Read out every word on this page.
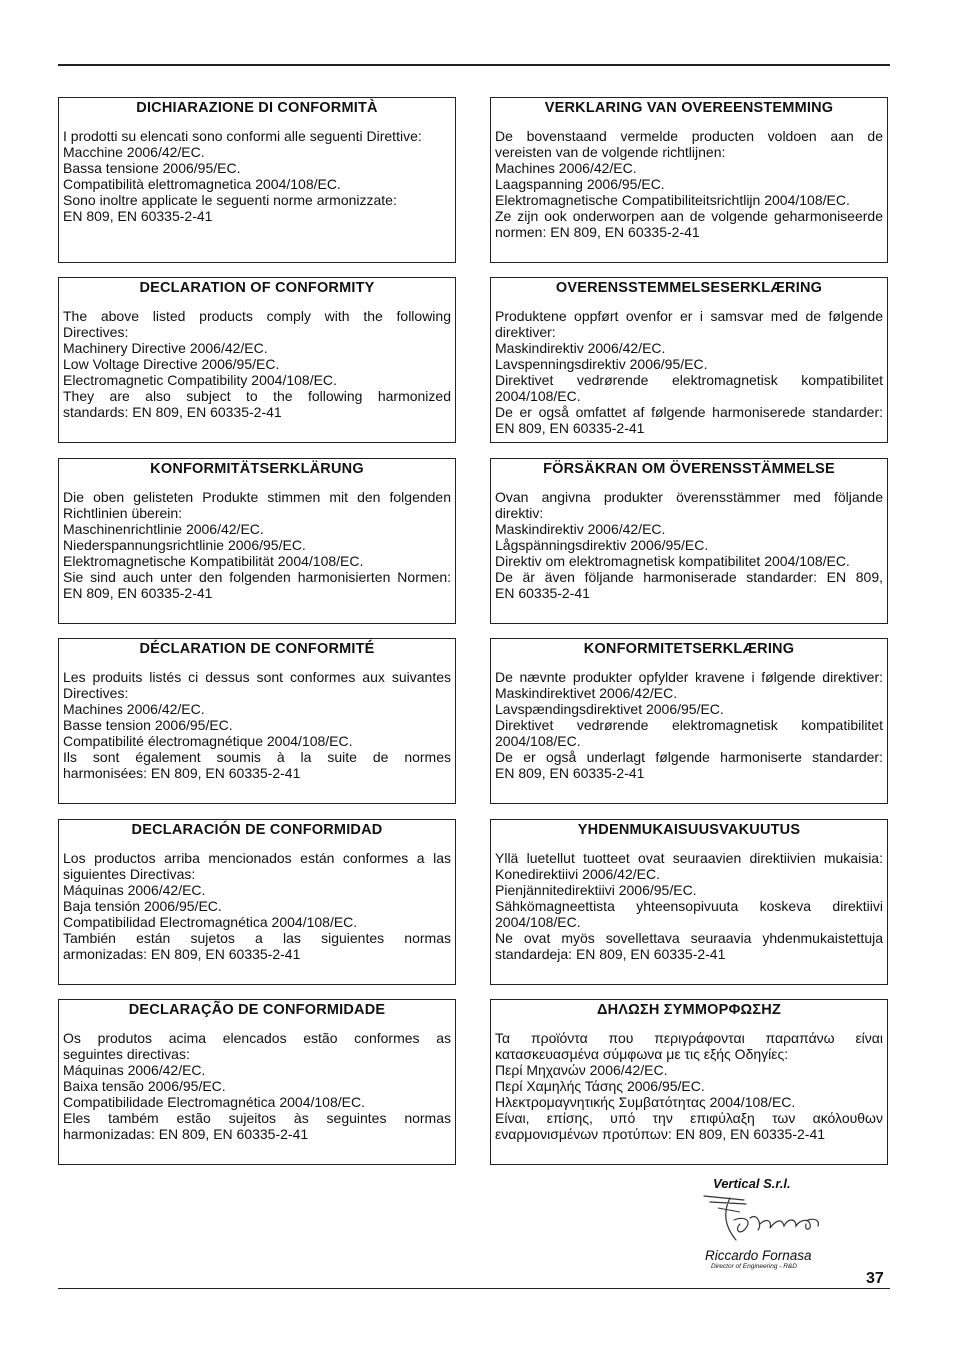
DICHIARAZIONE DI CONFORMITÀ
I prodotti su elencati sono conformi alle seguenti Direttive:
Macchine 2006/42/EC.
Bassa tensione 2006/95/EC.
Compatibilità elettromagnetica 2004/108/EC.
Sono inoltre applicate le seguenti norme armonizzate:
EN 809, EN 60335-2-41
VERKLARING VAN OVEREENSTEMMING
De bovenstaand vermelde producten voldoen aan de
vereisten van de volgende richtlijnen:
Machines 2006/42/EC.
Laagspanning 2006/95/EC.
Elektromagnetische Compatibiliteitsrichtlijn 2004/108/EC.
Ze zijn ook onderworpen aan de volgende geharmoniseerde
normen: EN 809, EN 60335-2-41
DECLARATION OF CONFORMITY
The above listed products comply with the following
Directives:
Machinery Directive 2006/42/EC.
Low Voltage Directive 2006/95/EC.
Electromagnetic Compatibility 2004/108/EC.
They are also subject to the following harmonized
standards: EN 809, EN 60335-2-41
OVERENSSTEMMELSESERKLÆRING
Produktene oppført ovenfor er i samsvar med de følgende
direktiver:
Maskindirektiv 2006/42/EC.
Lavspenningsdirektiv 2006/95/EC.
Direktivet vedrørende elektromagnetisk kompatibilitet
2004/108/EC.
De er også omfattet af følgende harmoniserede standarder:
EN 809, EN 60335-2-41
KONFORMITÄTSERKLÄRUNG
Die oben gelisteten Produkte stimmen mit den folgenden
Richtlinien überein:
Maschinenrichtlinie 2006/42/EC.
Niederspannungsrichtlinie 2006/95/EC.
Elektromagnetische Kompatibilität 2004/108/EC.
Sie sind auch unter den folgenden harmonisierten Normen:
EN 809, EN 60335-2-41
FÖRSÄKRAN OM ÖVERENSSTÄMMELSE
Ovan angivna produkter överensstämmer med följande
direktiv:
Maskindirektiv 2006/42/EC.
Lågspänningsdirektiv 2006/95/EC.
Direktiv om elektromagnetisk kompatibilitet 2004/108/EC.
De är även följande harmoniserade standarder: EN 809,
EN 60335-2-41
DÉCLARATION DE CONFORMITÉ
Les produits listés ci dessus sont conformes aux suivantes
Directives:
Machines 2006/42/EC.
Basse tension 2006/95/EC.
Compatibilité électromagnétique 2004/108/EC.
Ils sont également soumis à la suite de normes
harmonisées: EN 809, EN 60335-2-41
KONFORMITETSERKLÆRING
De nævnte produkter opfylder kravene i følgende direktiver:
Maskindirektivet 2006/42/EC.
Lavspændingsdirektivet 2006/95/EC.
Direktivet vedrørende elektromagnetisk kompatibilitet
2004/108/EC.
De er også underlagt følgende harmoniserte standarder:
EN 809, EN 60335-2-41
DECLARACIÓN DE CONFORMIDAD
Los productos arriba mencionados están conformes a las
siguientes Directivas:
Máquinas 2006/42/EC.
Baja tensión 2006/95/EC.
Compatibilidad Electromagnética 2004/108/EC.
También están sujetos a las siguientes normas
armonizadas: EN 809, EN 60335-2-41
YHDENMUKAISUUSVAKUUTUS
Yllä luetellut tuotteet ovat seuraavien direktiivien mukaisia:
Konedirektiivi 2006/42/EC.
Pienjännitedirektiivi 2006/95/EC.
Sähkömagneettista yhteensopivuuta koskeva direktiivi
2004/108/EC.
Ne ovat myös sovellettava seuraavia yhdenmukaistettuja
standardeja: EN 809, EN 60335-2-41
DECLARAÇÃO DE CONFORMIDADE
Os produtos acima elencados estão conformes as
seguintes directivas:
Máquinas 2006/42/EC.
Baixa tensão 2006/95/EC.
Compatibilidade Electromagnética 2004/108/EC.
Eles também estão sujeitos às seguintes normas
harmonizadas: EN 809, EN 60335-2-41
ΔΗΛΩΣΗ ΣΥΜΜΟΡΦΩΣΗΖ
Τα προϊόντα που περιγράφονται παραπάνω είναι
κατασκευασμένα σύμφωνα με τις εξής Οδηγίες:
Περί Μηχανών 2006/42/EC.
Περί Χαμηλής Τάσης 2006/95/EC.
Ηλεκτρομαγνητικής Συμβατότητας 2004/108/EC.
Είναι, επίσης, υπό την επιφύλαξη των ακόλουθων
εναρμονισμένων προτύπων: EN 809, EN 60335-2-41
Vertical S.r.l.
Riccardo Fornasa
Director of Engineering - R&D
37
